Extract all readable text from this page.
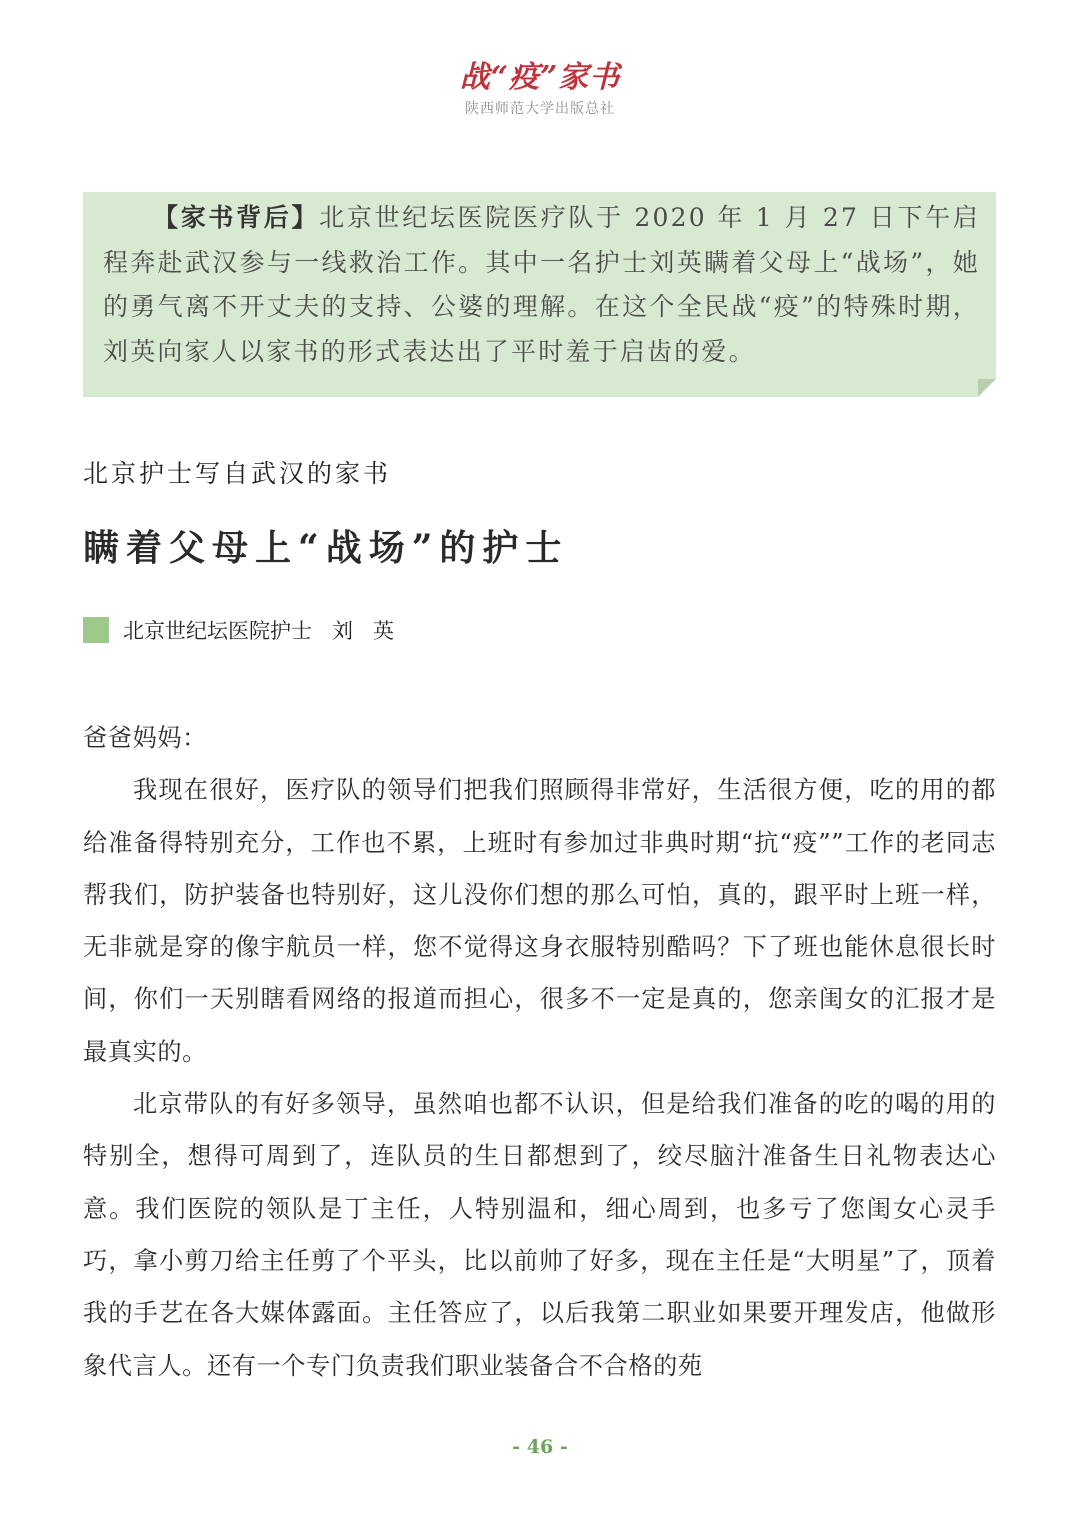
战“疫”家书
陕西师范大学出版总社

【家书背后】北京世纪坛医院医疗队于 2020 年 1 月 27 日下午启程奔赴武汉参与一线救治工作。其中一名护士刘英瞒着父母上“战场”，她的勇气离不开丈夫的支持、公婆的理解。在这个全民战“疫”的特殊时期，刘英向家人以家书的形式表达出了平时羞于启齿的爱。

北京护士写自武汉的家书
瞒着父母上“战场”的护士
北京世纪坛医院护士   刘   英

爸爸妈妈：

我现在很好，医疗队的领导们把我们照顾得非常好，生活很方便，吃的用的都给准备得特别充分，工作也不累，上班时有参加过非典时期“抗“疫””工作的老同志帮我们，防护装备也特别好，这儿没你们想的那么可怕，真的，跟平时上班一样，无非就是穿的像宇航员一样，您不觉得这身衣服特别酷吗？下了班也能休息很长时间，你们一天别瞎看网络的报道而担心，很多不一定是真的，您亲闺女的汇报才是最真实的。

北京带队的有好多领导，虽然咱也都不认识，但是给我们准备的吃的喝的用的特别全，想得可周到了，连队员的生日都想到了，绞尽脑汁准备生日礼物表达心意。我们医院的领队是丁主任，人特别温和，细心周到，也多亏了您闺女心灵手巧，拿小剪刀给主任剪了个平头，比以前帅了好多，现在主任是“大明星”了，顶着我的手艺在各大媒体露面。主任答应了，以后我第二职业如果要开理发店，他做形象代言人。还有一个专门负责我们职业装备合不合格的苑

- 46 -
